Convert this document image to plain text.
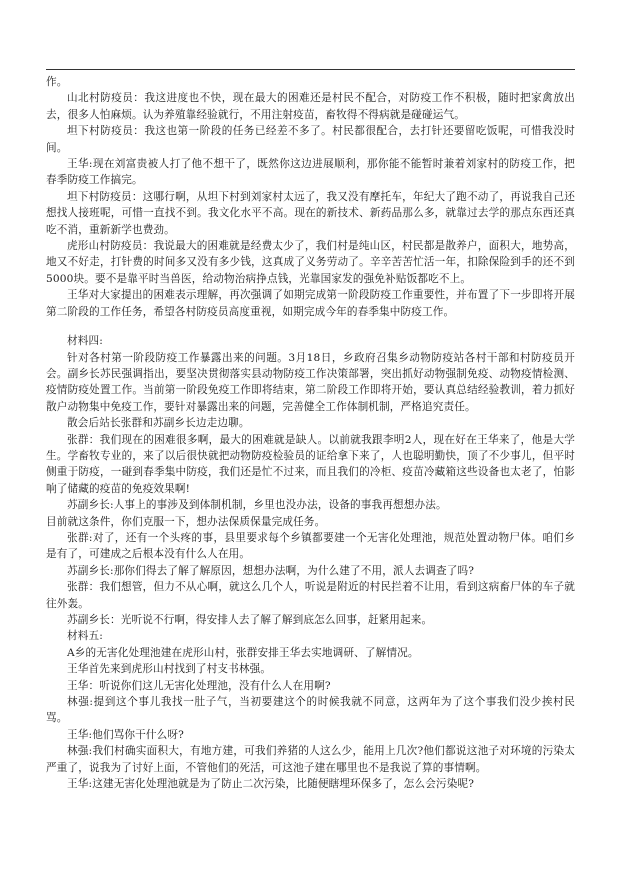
作。

山北村防疫员：我这进度也不快，现在最大的困难还是村民不配合，对防疫工作不积极，随时把家禽放出去，很多人怕麻烦。认为养殖靠经验就行，不用注射疫苗，畜牧得不得病就是碰碰运气。

坦下村防疫员：我这也第一阶段的任务已经差不多了。村民都很配合，去打针还要留吃饭呢，可惜我没时间。

王华:现在刘富贵被人打了他不想干了，既然你这边进展顺利，那你能不能暂时兼着刘家村的防疫工作，把春季防疫工作搞完。

坦下村防疫员：这哪行啊，从坦下村到刘家村太远了，我又没有摩托车，年纪大了跑不动了，再说我自己还想找人接班呢，可惜一直找不到。我文化水平不高。现在的新技术、新药品那么多，就靠过去学的那点东西还真吃不消，重新新学也费劲。

虎形山村防疫员：我说最大的困难就是经费太少了，我们村是纯山区，村民都是散养户，面积大，地势高，地又不好走，打针费的时间多又没有多少钱，这真成了义务劳动了。辛辛苦苦忙活一年，扣除保险到手的还不到5000块。要不是靠平时当兽医，给动物治病挣点钱，光靠国家发的强免补贴饭都吃不上。

王华对大家提出的困难表示理解，再次强调了如期完成第一阶段防疫工作重要性，并布置了下一步即将开展第二阶段的工作任务，希望各村防疫员高度重视，如期完成今年的春季集中防疫工作。

材料四:

针对各村第一阶段防疫工作暴露出来的问题。3月18日，乡政府召集乡动物防疫站各村干部和村防疫员开会。副乡长苏民强调指出，要坚决贯彻落实县动物防疫工作决策部署，突出抓好动物强制免疫、动物疫情检测、疫情防疫处置工作。当前第一阶段免疫工作即将结束，第二阶段工作即将开始，要认真总结经验教训，着力抓好散户动物集中免疫工作，要针对暴露出来的问题，完善健全工作体制机制，严格追究责任。

散会后站长张群和苏副乡长边走边聊。

张群：我们现在的困难很多啊，最大的困难就是缺人。以前就我跟李明2人，现在好在王华来了，他是大学生。学畜牧专业的，来了以后很快就把动物防疫检验员的证给拿下来了，人也聪明勤快，顶了不少事儿，但平时侧重于防疫，一碰到春季集中防疫，我们还是忙不过来，而且我们的冷柜、疫苗冷藏箱这些设备也太老了，怕影响了储藏的疫苗的免疫效果啊!

苏副乡长:人事上的事涉及到体制机制，乡里也没办法，设备的事我再想想办法。

目前就这条件，你们克服一下，想办法保质保量完成任务。

张群:对了，还有一个头疼的事，县里要求每个乡镇都要建一个无害化处理池，规范处置动物尸体。咱们乡是有了，可建成之后根本没有什么人在用。

苏副乡长:那你们得去了解了解原因，想想办法啊，为什么建了不用，派人去调查了吗?

张群：我们想管，但力不从心啊，就这么几个人，听说是附近的村民拦着不让用，看到这病畜尸体的车子就往外轰。

苏副乡长：光听说不行啊，得安排人去了解了解到底怎么回事，赶紧用起来。

材料五:

A乡的无害化处理池建在虎形山村，张群安排王华去实地调研、了解情况。

王华首先来到虎形山村找到了村支书林强。

王华：听说你们这儿无害化处理池，没有什么人在用啊?

林强:提到这个事儿我找一肚子气，当初要建这个的时候我就不同意，这两年为了这个事我们没少挨村民骂。

王华:他们骂你干什么呀?

林强:我们村确实面积大，有地方建，可我们养猪的人这么少，能用上几次?他们都说这池子对环境的污染太严重了，说我为了讨好上面，不管他们的死活，可这池子建在哪里也不是我说了算的事情啊。

王华:这建无害化处理池就是为了防止二次污染，比随便瞎埋环保多了，怎么会污染呢?
